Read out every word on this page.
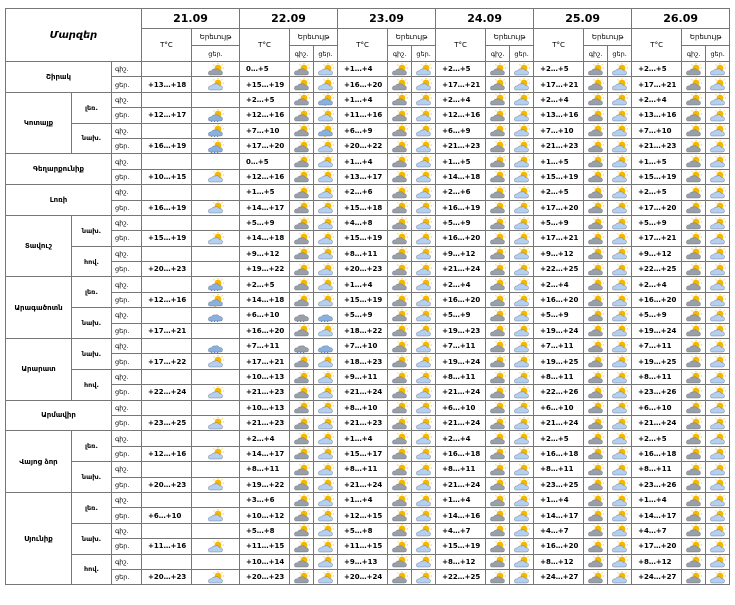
Մարզեր			21.09		22.09			23.09			24.09			25.09			26.09		
			T°C	Երեւույթ	T°C	Երեւույթ		T°C	Երեւույթ		T°C	Երեւույթ		T°C	Երեւույթ		T°C	Երեւույթ	
				ցեր.		գիշ.	ցեր.		գիշ.	ցեր.		գիշ.	ցեր.		գիշ.	ցեր.		գիշ.	ցեր.
Շիրակ		գիշ.			0…+5			+1…+4			+2…+5			+2…+5			+2…+5	

		ցեր.	+13…+18		+15…+19			+16…+20			+17…+21			+17…+21			+17…+21	

Կոտայք	լեռ.	գիշ.			+2…+5			+1…+4			+2…+4			+2…+4			+2…+4	

		ցեր.	+12…+17		+12…+16			+11…+16			+12…+16			+13…+16			+13…+16	

	նախ.	գիշ.			+7…+10			+6…+9			+6…+9			+7…+10			+7…+10	

		ցեր.	+16…+19		+17…+20			+20…+22			+21…+23			+21…+23			+21…+23	

Գեղարքունիք		գիշ.			0…+5			+1…+4			+1…+5			+1…+5			+1…+5	

		ցեր.	+10…+15		+12…+16			+13…+17			+14…+18			+15…+19			+15…+19	

Լոռի		գիշ.			+1…+5			+2…+6			+2…+6			+2…+5			+2…+5	

		ցեր.	+16…+19		+14…+17			+15…+18			+16…+19			+17…+20			+17…+20	

Տավուշ	նախ.	գիշ.			+5…+9			+4…+8			+5…+9			+5…+9			+5…+9	

		ցեր.	+15…+19		+14…+18			+15…+19			+16…+20			+17…+21			+17…+21	

	հով.	գիշ.			+9…+12			+8…+11			+9…+12			+9…+12			+9…+12	

		ցեր.	+20…+23		+19…+22			+20…+23			+21…+24			+22…+25			+22…+25	

Արագածոտն	լեռ.	գիշ.			+2…+5			+1…+4			+2…+4			+2…+4			+2…+4	

		ցեր.	+12…+16		+14…+18			+15…+19			+16…+20			+16…+20			+16…+20	

	նախ.	գիշ.			+6…+10			+5…+9			+5…+9			+5…+9			+5…+9	

		ցեր.	+17…+21		+16…+20			+18…+22			+19…+23			+19…+24			+19…+24	

Արարատ	նախ.	գիշ.			+7…+11			+7…+10			+7…+11			+7…+11			+7…+11	

		ցեր.	+17…+22		+17…+21			+18…+23			+19…+24			+19…+25			+19…+25	

	հով.	գիշ.			+10…+13			+9…+11			+8…+11			+8…+11			+8…+11	

		ցեր.	+22…+24		+21…+23			+21…+24			+21…+24			+22…+26			+23…+26	

Արմավիր		գիշ.			+10…+13			+8…+10			+6…+10			+6…+10			+6…+10	

		ցեր.	+23…+25		+21…+23			+21…+23			+21…+24			+21…+24			+21…+24	

Վայոց ձոր	լեռ.	գիշ.			+2…+4			+1…+4			+2…+4			+2…+5			+2…+5	

		ցեր.	+12…+16		+14…+17			+15…+17			+16…+18			+16…+18			+16…+18	

	նախ.	գիշ.			+8…+11			+8…+11			+8…+11			+8…+11			+8…+11	

		ցեր.	+20…+23		+19…+22			+21…+24			+21…+24			+23…+25			+23…+26	

Սյունիք	լեռ.	գիշ.			+3…+6			+1…+4			+1…+4			+1…+4			+1…+4	

		ցեր.	+6…+10		+10…+12			+12…+15			+14…+16			+14…+17			+14…+17	

	նախ.	գիշ.			+5…+8			+5…+8			+4…+7			+4…+7			+4…+7	

		ցեր.	+11…+16		+11…+15			+11…+15			+15…+19			+16…+20			+17…+20	

	հով.	գիշ.			+10…+14			+9…+13			+8…+12			+8…+12			+8…+12	

		ցեր.	+20…+23		+20…+23			+20…+24			+22…+25			+24…+27			+24…+27	
